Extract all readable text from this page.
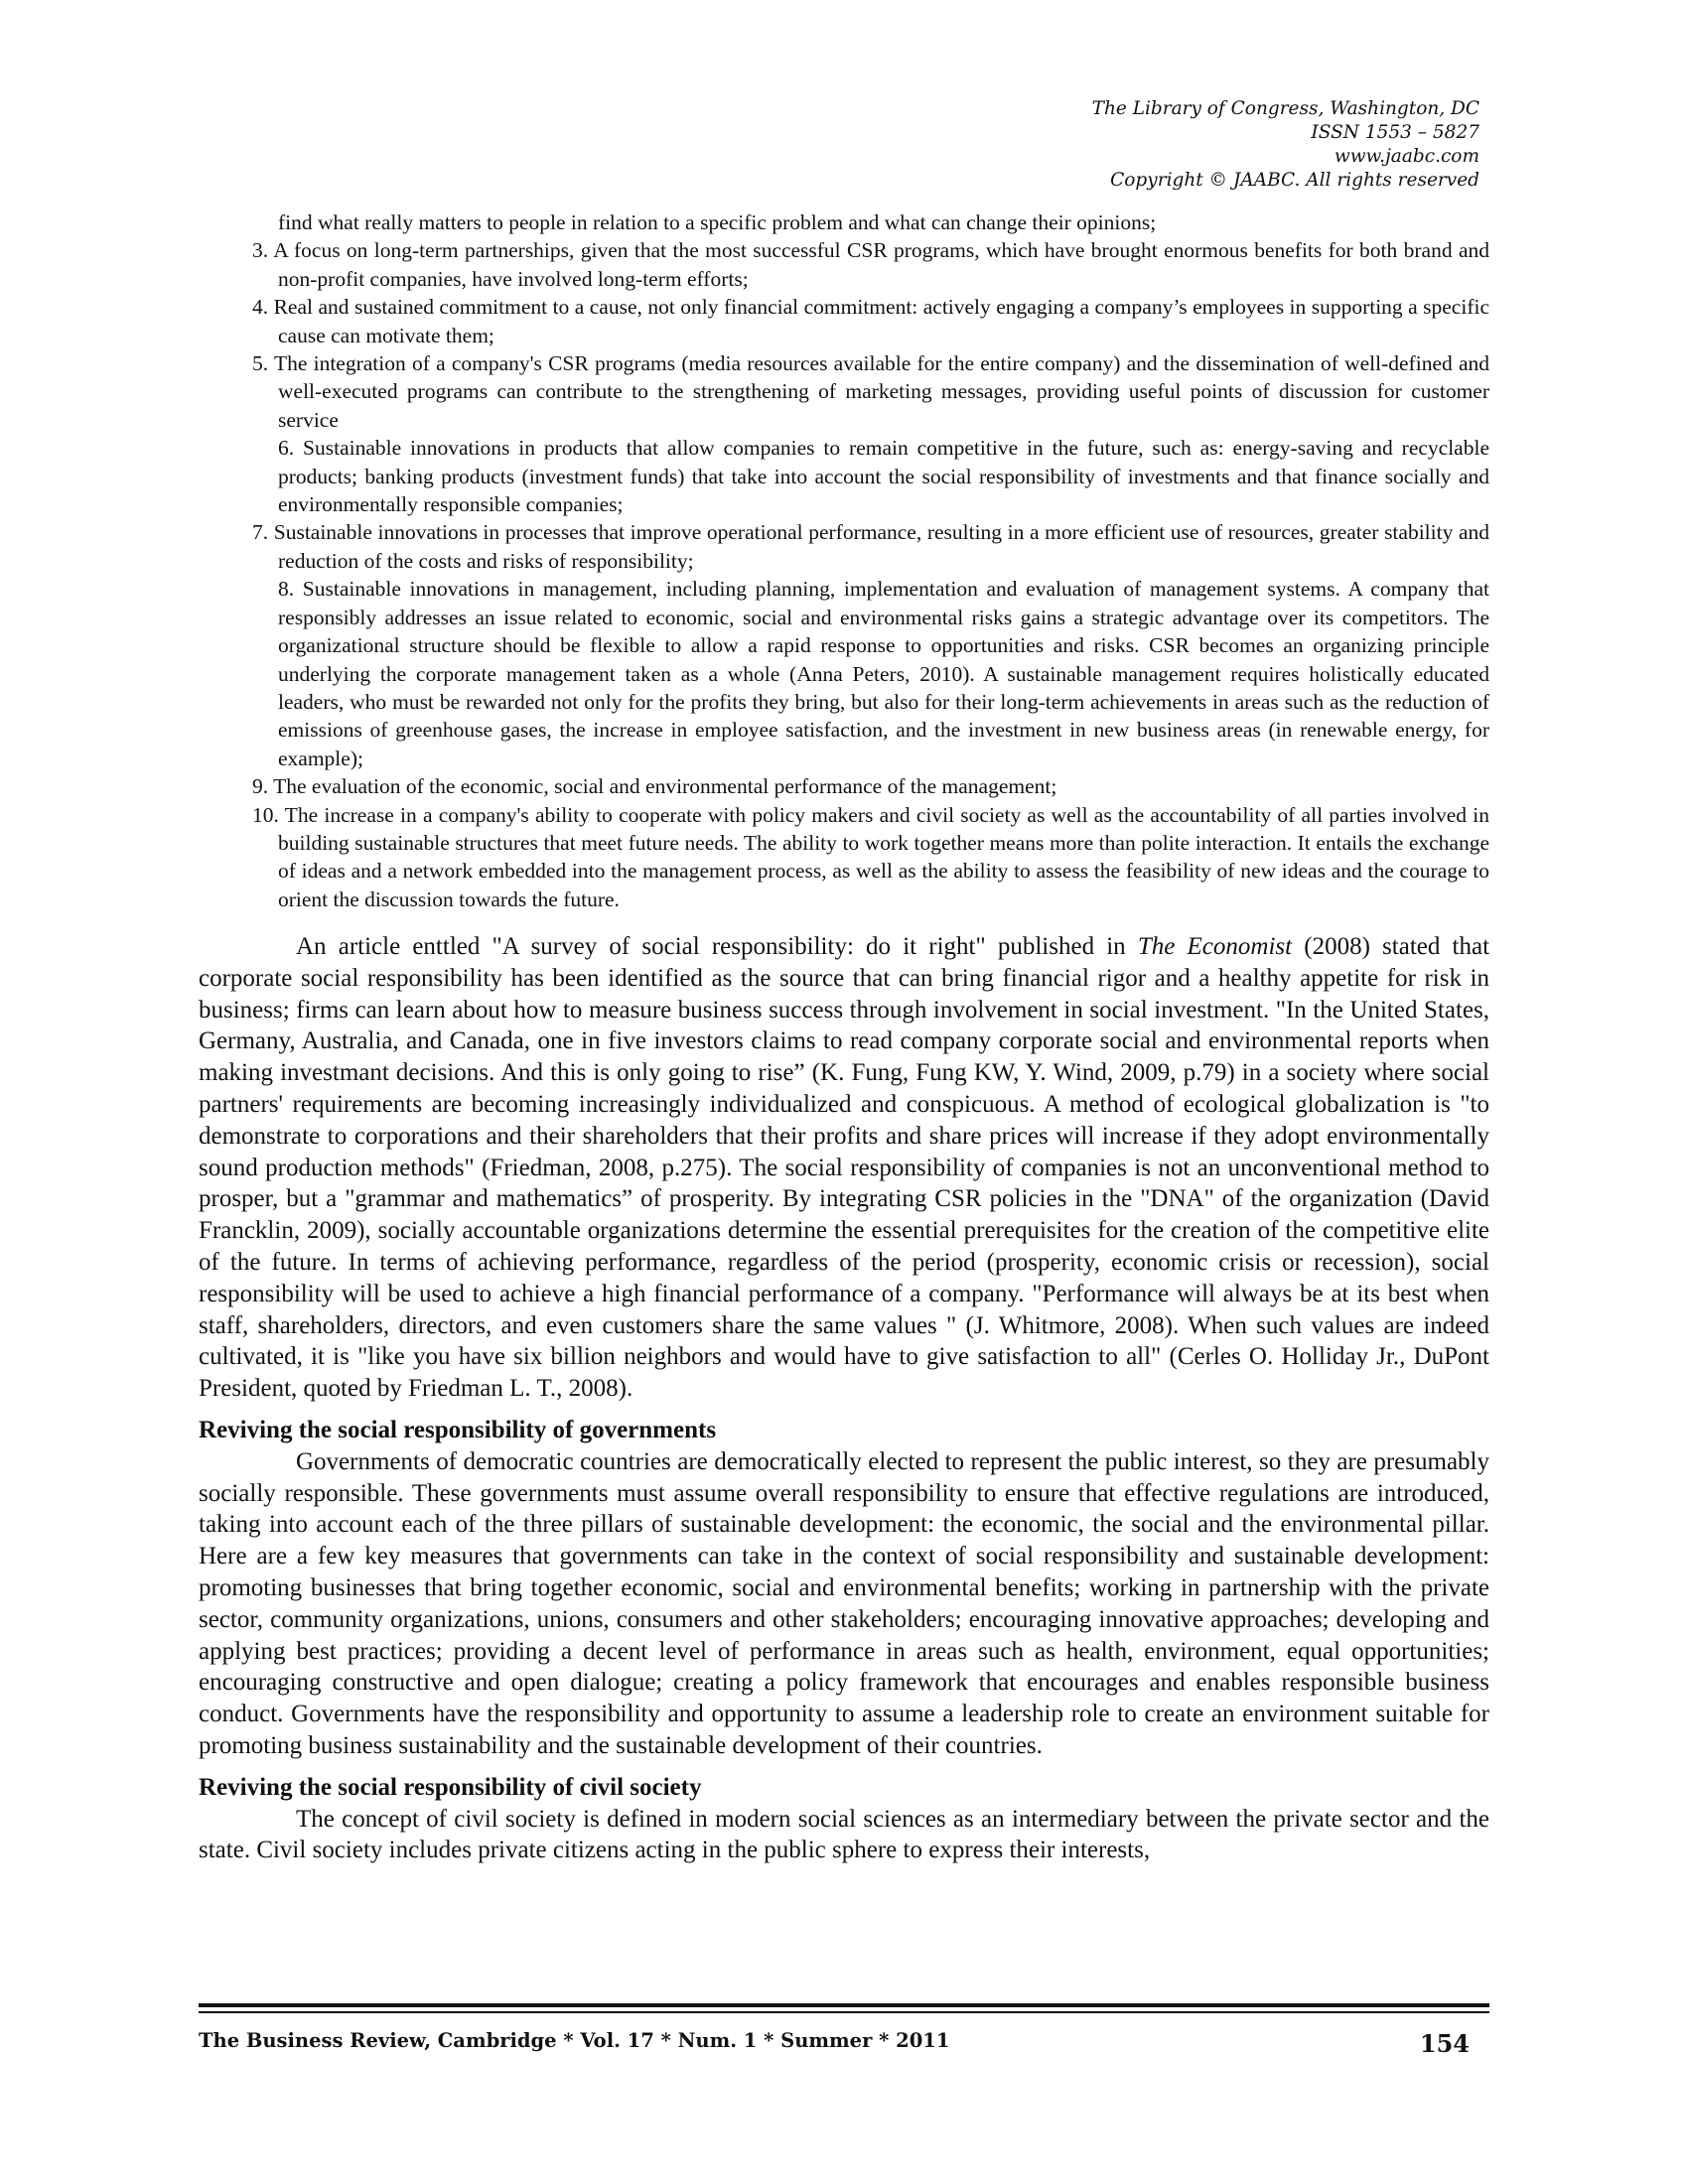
The Library of Congress, Washington, DC
ISSN 1553 – 5827
www.jaabc.com
Copyright © JAABC. All rights reserved
find what really matters to people in relation to a specific problem and what can change their opinions;
3. A focus on long-term partnerships, given that the most successful CSR programs, which have brought enormous benefits for both brand and non-profit companies, have involved long-term efforts;
4. Real and sustained commitment to a cause, not only financial commitment: actively engaging a company’s employees in supporting a specific cause can motivate them;
5. The integration of a company's CSR programs (media resources available for the entire company) and the dissemination of well-defined and well-executed programs can contribute to the strengthening of marketing messages, providing useful points of discussion for customer service
6. Sustainable innovations in products that allow companies to remain competitive in the future, such as: energy-saving and recyclable products; banking products (investment funds) that take into account the social responsibility of investments and that finance socially and environmentally responsible companies;
7. Sustainable innovations in processes that improve operational performance, resulting in a more efficient use of resources, greater stability and reduction of the costs and risks of responsibility;
8. Sustainable innovations in management, including planning, implementation and evaluation of management systems. A company that responsibly addresses an issue related to economic, social and environmental risks gains a strategic advantage over its competitors. The organizational structure should be flexible to allow a rapid response to opportunities and risks. CSR becomes an organizing principle underlying the corporate management taken as a whole (Anna Peters, 2010). A sustainable management requires holistically educated leaders, who must be rewarded not only for the profits they bring, but also for their long-term achievements in areas such as the reduction of emissions of greenhouse gases, the increase in employee satisfaction, and the investment in new business areas (in renewable energy, for example);
9. The evaluation of the economic, social and environmental performance of the management;
10. The increase in a company's ability to cooperate with policy makers and civil society as well as the accountability of all parties involved in building sustainable structures that meet future needs. The ability to work together means more than polite interaction. It entails the exchange of ideas and a network embedded into the management process, as well as the ability to assess the feasibility of new ideas and the courage to orient the discussion towards the future.

An article enttled "A survey of social responsibility: do it right" published in The Economist (2008) stated that corporate social responsibility has been identified as the source that can bring financial rigor and a healthy appetite for risk in business; firms can learn about how to measure business success through involvement in social investment. "In the United States, Germany, Australia, and Canada, one in five investors claims to read company corporate social and environmental reports when making investmant decisions. And this is only going to rise” (K. Fung, Fung KW, Y. Wind, 2009, p.79) in a society where social partners' requirements are becoming increasingly individualized and conspicuous. A method of ecological globalization is "to demonstrate to corporations and their shareholders that their profits and share prices will increase if they adopt environmentally sound production methods" (Friedman, 2008, p.275). The social responsibility of companies is not an unconventional method to prosper, but a "grammar and mathematics” of prosperity. By integrating CSR policies in the "DNA" of the organization (David Francklin, 2009), socially accountable organizations determine the essential prerequisites for the creation of the competitive elite of the future. In terms of achieving performance, regardless of the period (prosperity, economic crisis or recession), social responsibility will be used to achieve a high financial performance of a company. "Performance will always be at its best when staff, shareholders, directors, and even customers share the same values " (J. Whitmore, 2008). When such values are indeed cultivated, it is "like you have six billion neighbors and would have to give satisfaction to all" (Cerles O. Holliday Jr., DuPont President, quoted by Friedman L. T., 2008).

Reviving the social responsibility of governments

Governments of democratic countries are democratically elected to represent the public interest, so they are presumably socially responsible. These governments must assume overall responsibility to ensure that effective regulations are introduced, taking into account each of the three pillars of sustainable development: the economic, the social and the environmental pillar. Here are a few key measures that governments can take in the context of social responsibility and sustainable development: promoting businesses that bring together economic, social and environmental benefits; working in partnership with the private sector, community organizations, unions, consumers and other stakeholders; encouraging innovative approaches; developing and applying best practices; providing a decent level of performance in areas such as health, environment, equal opportunities; encouraging constructive and open dialogue; creating a policy framework that encourages and enables responsible business conduct. Governments have the responsibility and opportunity to assume a leadership role to create an environment suitable for promoting business sustainability and the sustainable development of their countries.

Reviving the social responsibility of civil society

The concept of civil society is defined in modern social sciences as an intermediary between the private sector and the state. Civil society includes private citizens acting in the public sphere to express their interests,

The Business Review, Cambridge * Vol. 17 * Num. 1 * Summer * 2011	154
